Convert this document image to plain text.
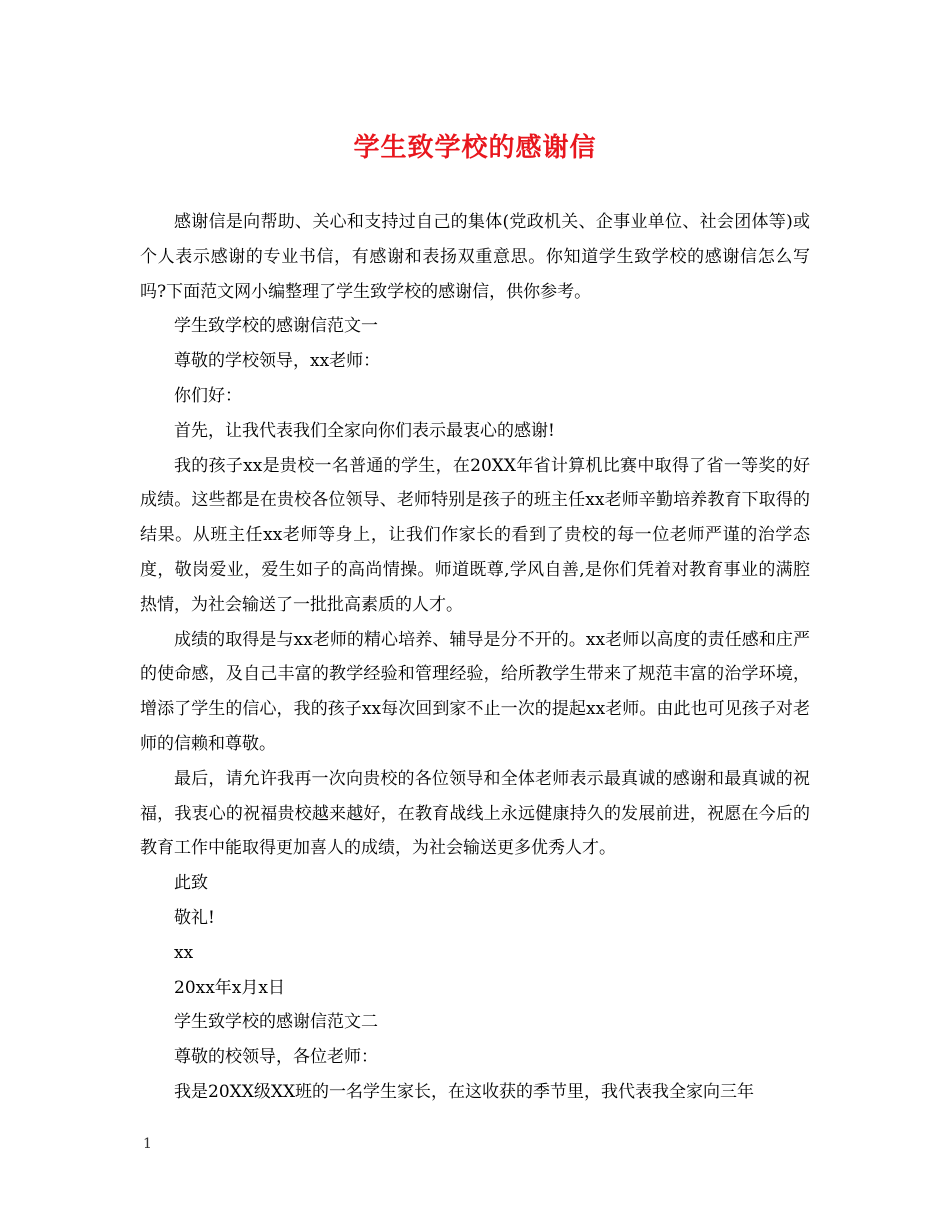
学生致学校的感谢信

感谢信是向帮助、关心和支持过自己的集体(党政机关、企事业单位、社会团体等)或个人表示感谢的专业书信，有感谢和表扬双重意思。你知道学生致学校的感谢信怎么写吗?下面范文网小编整理了学生致学校的感谢信，供你参考。

学生致学校的感谢信范文一

尊敬的学校领导，xx老师：

你们好：

首先，让我代表我们全家向你们表示最衷心的感谢!

我的孩子xx是贵校一名普通的学生，在20XX年省计算机比赛中取得了省一等奖的好成绩。这些都是在贵校各位领导、老师特别是孩子的班主任xx老师辛勤培养教育下取得的结果。从班主任xx老师等身上，让我们作家长的看到了贵校的每一位老师严谨的治学态度，敬岗爱业，爱生如子的高尚情操。师道既尊,学风自善,是你们凭着对教育事业的满腔热情，为社会输送了一批批高素质的人才。

成绩的取得是与xx老师的精心培养、辅导是分不开的。xx老师以高度的责任感和庄严的使命感，及自己丰富的教学经验和管理经验，给所教学生带来了规范丰富的治学环境，增添了学生的信心，我的孩子xx每次回到家不止一次的提起xx老师。由此也可见孩子对老师的信赖和尊敬。

最后，请允许我再一次向贵校的各位领导和全体老师表示最真诚的感谢和最真诚的祝福，我衷心的祝福贵校越来越好，在教育战线上永远健康持久的发展前进，祝愿在今后的教育工作中能取得更加喜人的成绩，为社会输送更多优秀人才。

此致

敬礼!

xx

20xx年x月x日

学生致学校的感谢信范文二

尊敬的校领导，各位老师：

我是20XX级XX班的一名学生家长，在这收获的季节里，我代表我全家向三年

1
